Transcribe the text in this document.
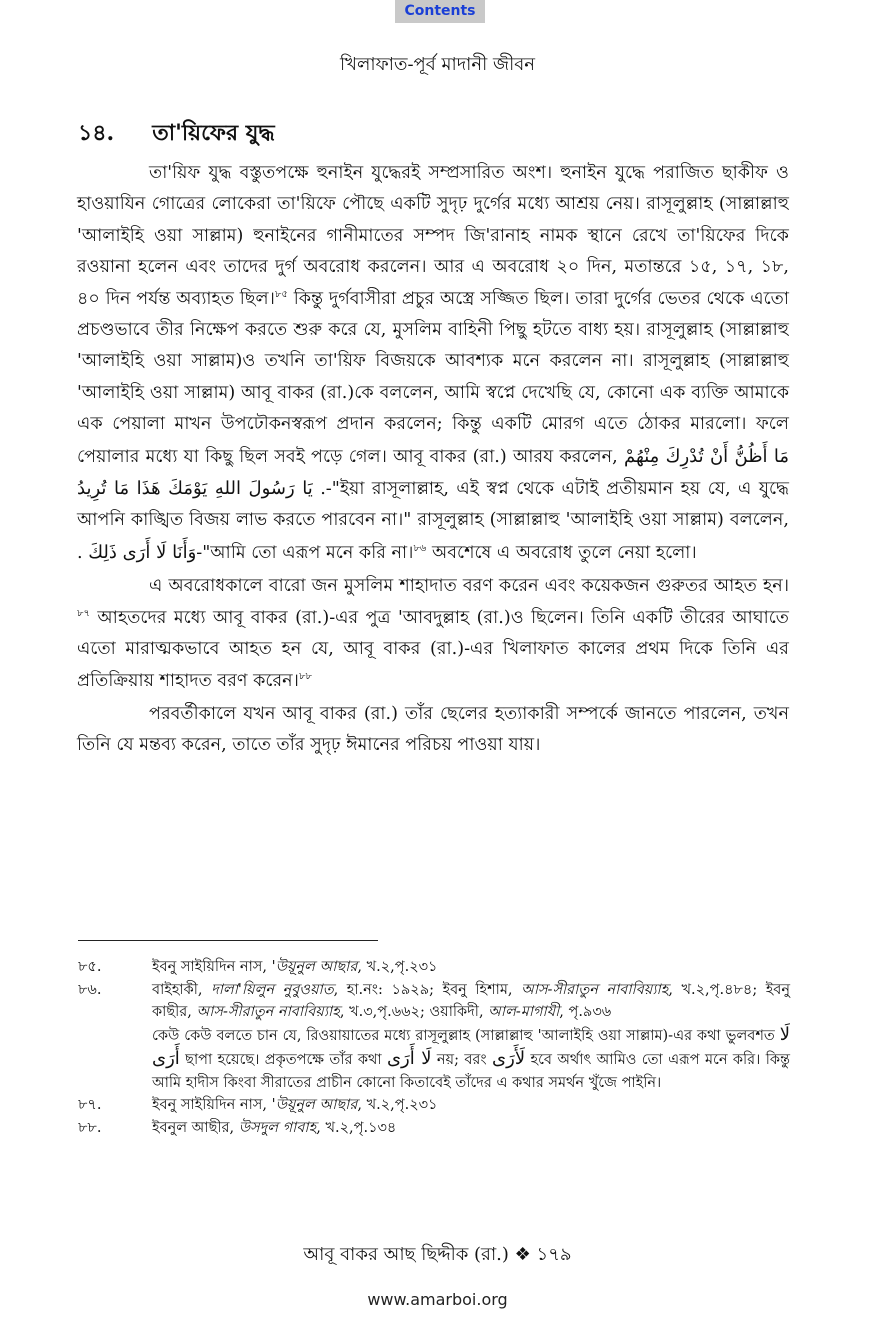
Contents
খিলাফাত-পূর্ব মাদানী জীবন
১৪. তা'য়িফের যুদ্ধ

তা'য়িফ যুদ্ধ বস্তুতপক্ষে হুনাইন যুদ্ধেরই সম্প্রসারিত অংশ। হুনাইন যুদ্ধে পরাজিত ছাকীফ ও হাওয়াযিন গোত্রের লোকেরা তা'য়িফে পৌছে একটি সুদৃঢ় দুর্গের মধ্যে আশ্রয় নেয়। রাসূলুল্লাহ (সাল্লাল্লাহু 'আলাইহি ওয়া সাল্লাম) হুনাইনের গানীমাতের সম্পদ জি'রানাহ নামক স্থানে রেখে তা'য়িফের দিকে রওয়ানা হলেন এবং তাদের দুর্গ অবরোধ করলেন। আর এ অবরোধ ২০ দিন, মতান্তরে ১৫, ১৭, ১৮, ৪০ দিন পর্যন্ত অব্যাহত ছিল।$^{৮৫}$ কিন্তু দুর্গবাসীরা প্রচুর অস্ত্রে সজ্জিত ছিল। তারা দুর্গের ভেতর থেকে এতো প্রচণ্ডভাবে তীর নিক্ষেপ করতে শুরু করে যে, মুসলিম বাহিনী পিছু হটতে বাধ্য হয়। রাসূলুল্লাহ (সাল্লাল্লাহু 'আলাইহি ওয়া সাল্লাম)ও তখনি তা'য়িফ বিজয়কে আবশ্যক মনে করলেন না। রাসূলুল্লাহ (সাল্লাল্লাহু 'আলাইহি ওয়া সাল্লাম) আবূ বাকর (রা.)কে বললেন, আমি স্বপ্নে দেখেছি যে, কোনো এক ব্যক্তি আমাকে এক পেয়ালা মাখন উপঢৌকনস্বরূপ প্রদান করলেন; কিন্তু একটি মোরগ এতে ঠোকর মারলো। ফলে পেয়ালার মধ্যে যা কিছু ছিল সবই পড়ে গেল। আবূ বাকর (রা.) আরয করলেন, مَا أَظُنُّ أَنْ تُدْرِكَ مِنْهُمْ يَا رَسُولَ اللهِ يَوْمَكَ هَذَا مَا تُرِيدُ .-"ইয়া রাসূলাল্লাহ, এই স্বপ্ন থেকে এটাই প্রতীয়মান হয় যে, এ যুদ্ধে আপনি কাঙ্খিত বিজয় লাভ করতে পারবেন না।" রাসূলুল্লাহ (সাল্লাল্লাহু 'আলাইহি ওয়া সাল্লাম) বললেন, . وَأَنَا لَا أَرَى ذَلِكَ-"আমি তো এরূপ মনে করি না।$^{৮৬}$ অবশেষে এ অবরোধ তুলে নেয়া হলো।

এ অবরোধকালে বারো জন মুসলিম শাহাদাত বরণ করেন এবং কয়েকজন গুরুতর আহত হন।$^{৮৭}$ আহতদের মধ্যে আবূ বাকর (রা.)-এর পুত্র 'আবদুল্লাহ (রা.)ও ছিলেন। তিনি একটি তীরের আঘাতে এতো মারাত্মকভাবে আহত হন যে, আবূ বাকর (রা.)-এর খিলাফাত কালের প্রথম দিকে তিনি এর প্রতিক্রিয়ায় শাহাদত বরণ করেন।$^{৮৮}$

পরবর্তীকালে যখন আবূ বাকর (রা.) তাঁর ছেলের হত্যাকারী সম্পর্কে জানতে পারলেন, তখন তিনি যে মন্তব্য করেন, তাতে তাঁর সুদৃঢ় ঈমানের পরিচয় পাওয়া যায়।

৮৫.	ইবনু সাইয়িদিন নাস, 'উয়ূনুল আছার, খ.২,পৃ.২৩১
৮৬.	বাইহাকী, দালা'য়িলুন নুবুওয়াত, হা.নং: ১৯২৯; ইবনু হিশাম, আস-সীরাতুন নাবাবিয়্যাহ, খ.২,পৃ.৪৮৪; ইবনু কাছীর, আস-সীরাতুন নাবাবিয়্যাহ, খ.৩,পৃ.৬৬২; ওয়াকিদী, আল-মাগাযী, পৃ.৯৩৬
কেউ কেউ বলতে চান যে, রিওয়ায়াতের মধ্যে রাসূলুল্লাহ (সাল্লাল্লাহু 'আলাইহি ওয়া সাল্লাম)-এর কথা ভুলবশত لَا أَرَى ছাপা হয়েছে। প্রকৃতপক্ষে তাঁর কথা لَا أَرَى নয়; বরং لَأَرَى হবে অর্থাৎ আমিও তো এরূপ মনে করি। কিন্তু আমি হাদীস কিংবা সীরাতের প্রাচীন কোনো কিতাবেই তাঁদের এ কথার সমর্থন খুঁজে পাইনি।
৮৭.	ইবনু সাইয়িদিন নাস, 'উয়ূনুল আছার, খ.২,পৃ.২৩১
৮৮.	ইবনুল আছীর, উসদুল গাবাহ, খ.২,পৃ.১৩৪
আবূ বাকর আছ ছিদ্দীক (রা.) ❖ ১৭৯
www.amarboi.org
